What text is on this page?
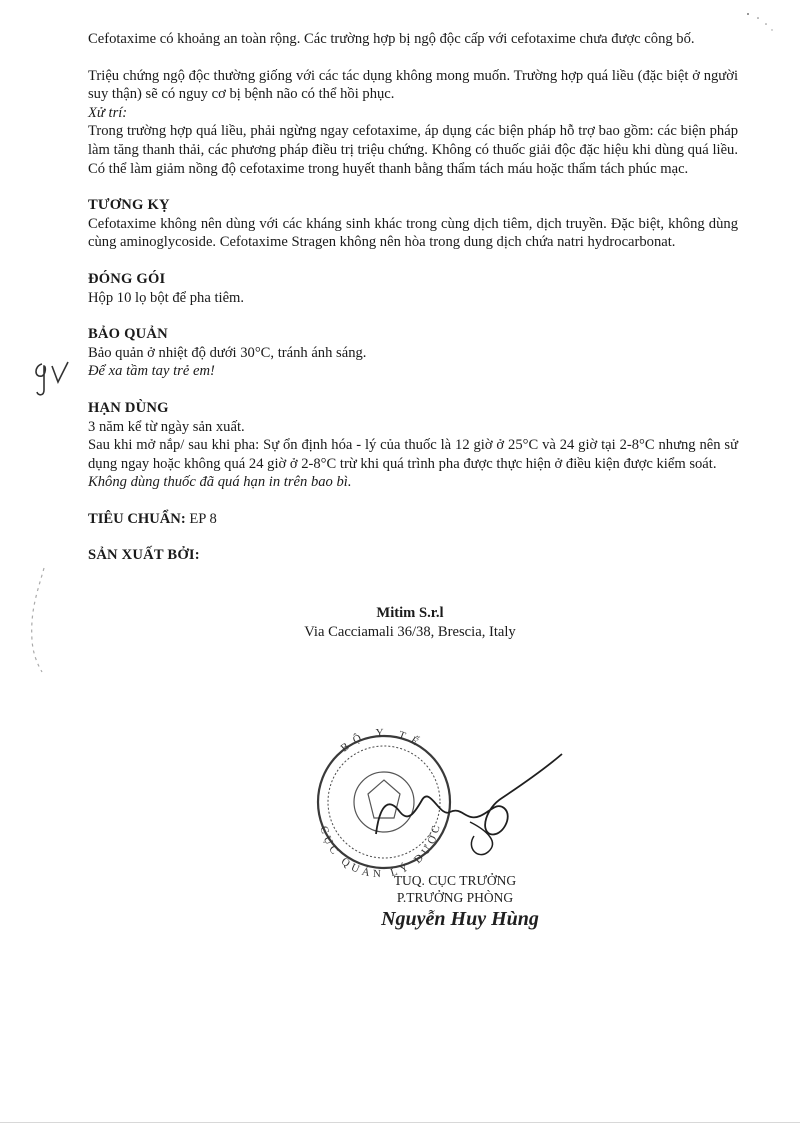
Cefotaxime có khoảng an toàn rộng. Các trường hợp bị ngộ độc cấp với cefotaxime chưa được công bố.

Triệu chứng ngộ độc thường giống với các tác dụng không mong muốn. Trường hợp quá liều (đặc biệt ở người suy thận) sẽ có nguy cơ bị bệnh não có thể hồi phục.

Xử trí:

Trong trường hợp quá liều, phải ngừng ngay cefotaxime, áp dụng các biện pháp hỗ trợ bao gồm: các biện pháp làm tăng thanh thải, các phương pháp điều trị triệu chứng. Không có thuốc giải độc đặc hiệu khi dùng quá liều. Có thể làm giảm nồng độ cefotaxime trong huyết thanh bằng thẩm tách máu hoặc thẩm tách phúc mạc.

TƯƠNG KỴ

Cefotaxime không nên dùng với các kháng sinh khác trong cùng dịch tiêm, dịch truyền. Đặc biệt, không dùng cùng aminoglycoside. Cefotaxime Stragen không nên hòa trong dung dịch chứa natri hydrocarbonat.

ĐÓNG GÓI

Hộp 10 lọ bột để pha tiêm.

BẢO QUẢN

Bảo quản ở nhiệt độ dưới 30°C, tránh ánh sáng.

Để xa tầm tay trẻ em!

HẠN DÙNG

3 năm kể từ ngày sản xuất.

Sau khi mở nắp/ sau khi pha: Sự ổn định hóa - lý của thuốc là 12 giờ ở 25°C và 24 giờ tại 2-8°C nhưng nên sử dụng ngay hoặc không quá 24 giờ ở 2-8°C trừ khi quá trình pha được thực hiện ở điều kiện được kiểm soát.

Không dùng thuốc đã quá hạn in trên bao bì.

TIÊU CHUẨN: EP 8

SẢN XUẤT BỞI:

Mitim S.r.l

Via Cacciamali 36/38, Brescia, Italy

BỘ Y TẾ
CỤC QUẢN LÝ DƯỢC

TUQ. CỤC TRƯỞNG

P.TRƯỞNG PHÒNG

Nguyễn Huy Hùng
